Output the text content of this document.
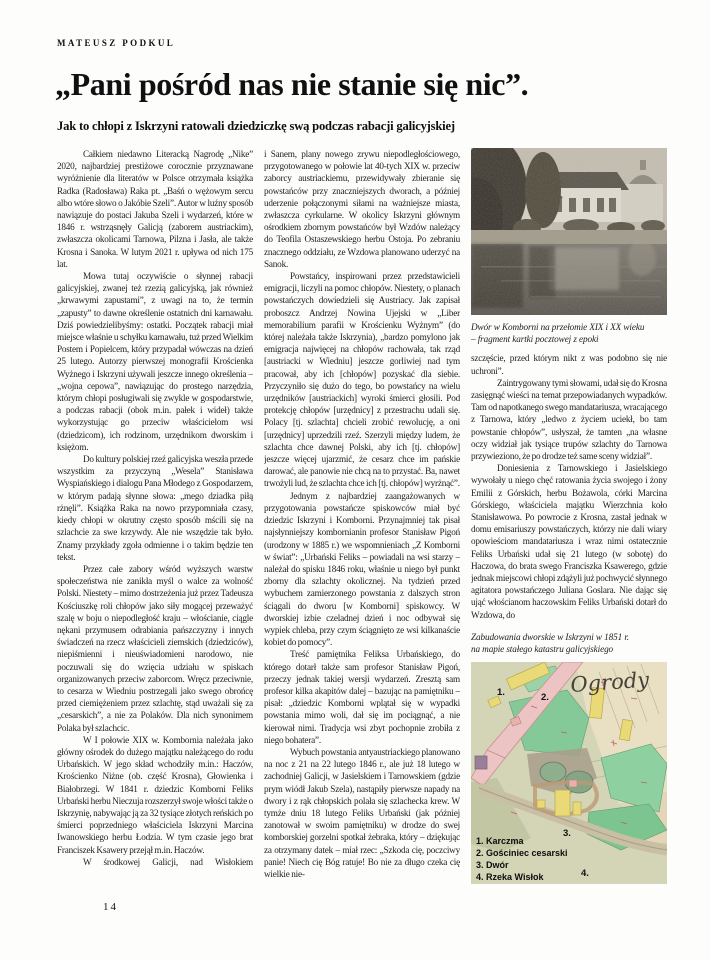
MATEUSZ PODKUL
„Pani pośród nas nie stanie się nic”.
Jak to chłopi z Iskrzyni ratowali dziedziczkę swą podczas rabacji galicyjskiej

Całkiem niedawno Literacką Nagrodę „Nike” 2020, najbardziej prestiżowe corocznie przyznawane wyróżnienie dla literatów w Polsce otrzymała książka Radka (Radosława) Raka pt. „Baśń o wężowym sercu albo wtóre słowo o Jakóbie Szeli”. Autor w luźny sposób nawiązuje do postaci Jakuba Szeli i wydarzeń, które w 1846 r. wstrząsnęły Galicją (zaborem austriackim), zwłaszcza okolicami Tarnowa, Pilzna i Jasła, ale także Krosna i Sanoka. W lutym 2021 r. upływa od nich 175 lat.

Mowa tutaj oczywiście o słynnej rabacji galicyjskiej, zwanej też rzezią galicyjską, jak również „krwawymi zapustami”, z uwagi na to, że termin „zapusty” to dawne określenie ostatnich dni karnawału. Dziś powiedzielibyśmy: ostatki. Początek rabacji miał miejsce właśnie u schyłku karnawału, tuż przed Wielkim Postem i Popielcem, który przypadał wówczas na dzień 25 lutego. Autorzy pierwszej monografii Krościenka Wyżnego i Iskrzyni używali jeszcze innego określenia – „wojna cepowa”, nawiązując do prostego narzędzia, którym chłopi posługiwali się zwykle w gospodarstwie, a podczas rabacji (obok m.in. pałek i wideł) także wykorzystując go przeciw właścicielom wsi (dziedzicom), ich rodzinom, urzędnikom dworskim i księżom.

Do kultury polskiej rzeź galicyjska weszła przede wszystkim za przyczyną „Wesela” Stanisława Wyspiańskiego i dialogu Pana Młodego z Gospodarzem, w którym padają słynne słowa: „mego dziadka piłą rżnęli”. Książka Raka na nowo przypomniała czasy, kiedy chłopi w okrutny często sposób mścili się na szlachcie za swe krzywdy. Ale nie wszędzie tak było. Znamy przykłady zgoła odmienne i o takim będzie ten tekst.

Przez całe zabory wśród wyższych warstw społeczeństwa nie zanikła myśl o walce za wolność Polski. Niestety – mimo dostrzeżenia już przez Tadeusza Kościuszkę roli chłopów jako siły mogącej przeważyć szalę w boju o niepodległość kraju – włościanie, ciągle nękani przymusem odrabiania pańszczyzny i innych świadczeń na rzecz właścicieli ziemskich (dziedziców), niepiśmienni i nieuświadomieni narodowo, nie poczuwali się do wzięcia udziału w spiskach organizowanych przeciw zaborcom. Wręcz przeciwnie, to cesarza w Wiedniu postrzegali jako swego obrońcę przed ciemiężeniem przez szlachtę, stąd uważali się za „cesarskich”, a nie za Polaków. Dla nich synonimem Polaka był szlachcic.

W I połowie XIX w. Kombornia należała jako główny ośrodek do dużego majątku należącego do rodu Urbańskich. W jego skład wchodziły m.in.: Haczów, Krościenko Niżne (ob. część Krosna), Głowienka i Białobrzegi. W 1841 r. dziedzic Komborni Feliks Urbański herbu Nieczuja rozszerzył swoje włości także o Iskrzynię, nabywając ją za 32 tysiące złotych reńskich po śmierci poprzedniego właściciela Iskrzyni Marcina Iwanowskiego herbu Łodzia. W tym czasie jego brat Franciszek Ksawery przejął m.in. Haczów.

W środkowej Galicji, nad Wisłokiem

i Sanem, plany nowego zrywu niepodległościowego, przygotowanego w połowie lat 40-tych XIX w. przeciw zaborcy austriackiemu, przewidywały zbieranie się powstańców przy znaczniejszych dworach, a później uderzenie połączonymi siłami na ważniejsze miasta, zwłaszcza cyrkularne. W okolicy Iskrzyni głównym ośrodkiem zbornym powstańców był Wzdów należący do Teofila Ostaszewskiego herbu Ostoja. Po zebraniu znacznego oddziału, ze Wzdowa planowano uderzyć na Sanok.

Powstańcy, inspirowani przez przedstawicieli emigracji, liczyli na pomoc chłopów. Niestety, o planach powstańczych dowiedzieli się Austriacy. Jak zapisał proboszcz Andrzej Nowina Ujejski w „Liber memorabilium parafii w Krościenku Wyżnym” (do której należała także Iskrzynia), „bardzo pomylono jak emigracja najwięcej na chłopów rachowała, tak rząd [austriacki w Wiedniu] jeszcze gorliwiej nad tym pracował, aby ich [chłopów] pozyskać dla siebie. Przyczyniło się dużo do tego, bo powstańcy na wielu urzędników [austriackich] wyroki śmierci głosili. Pod protekcję chłopów [urzędnicy] z przestrachu udali się. Polacy [tj. szlachta] chcieli zrobić rewolucję, a oni [urzędnicy] uprzedzili rzeź. Szerzyli między ludem, że szlachta chce dawnej Polski, aby ich [tj. chłopów] jeszcze więcej ujarzmić, że cesarz chce im pańskie darować, ale panowie nie chcą na to przystać. Ba, nawet trwożyli lud, że szlachta chce ich [tj. chłopów] wyrżnąć”.

Jednym z najbardziej zaangażowanych w przygotowania powstańcze spiskowców miał być dziedzic Iskrzyni i Komborni. Przynajmniej tak pisał najsłynniejszy kombornianin profesor Stanisław Pigoń (urodzony w 1885 r.) we wspomnieniach „Z Komborni w świat”: „Urbański Feliks – powiadali na wsi starzy – należał do spisku 1846 roku, właśnie u niego był punkt zborny dla szlachty okolicznej. Na tydzień przed wybuchem zamierzonego powstania z dalszych stron ściągali do dworu [w Komborni] spiskowcy. W dworskiej izbie czeladnej dzień i noc odbywał się wypiek chleba, przy czym ściągnięto ze wsi kilkanaście kobiet do pomocy”.

Treść pamiętnika Feliksa Urbańskiego, do którego dotarł także sam profesor Stanisław Pigoń, przeczy jednak takiej wersji wydarzeń. Zresztą sam profesor kilka akapitów dalej – bazując na pamiętniku – pisał: „dziedzic Komborni wplątał się w wypadki powstania mimo woli, dał się im pociągnąć, a nie kierował nimi. Tradycja wsi zbyt pochopnie zrobiła z niego bohatera”.

Wybuch powstania antyaustriackiego planowano na noc z 21 na 22 lutego 1846 r., ale już 18 lutego w zachodniej Galicji, w Jasielskiem i Tarnowskiem (gdzie prym wiódł Jakub Szela), nastąpiły pierwsze napady na dwory i z rąk chłopskich polała się szlachecka krew. W tymże dniu 18 lutego Feliks Urbański (jak później zanotował w swoim pamiętniku) w drodze do swej komborskiej gorzelni spotkał żebraka, który – dziękując za otrzymany datek – miał rzec: „Szkoda cię, poczciwy panie! Niech cię Bóg ratuje! Bo nie za długo czeka cię wielkie nie-

Dwór w Komborni na przełomie XIX i XX wieku
– fragment kartki pocztowej z epoki

szczęście, przed którym nikt z was podobno się nie uchroni”.

Zaintrygowany tymi słowami, udał się do Krosna zasięgnąć wieści na temat przepowiadanych wypadków. Tam od napotkanego swego mandatariusza, wracającego z Tarnowa, który „ledwo z życiem uciekł, bo tam powstanie chłopów”, usłyszał, że tamten „na własne oczy widział jak tysiące trupów szlachty do Tarnowa przywieziono, że po drodze też same sceny widział”.

Doniesienia z Tarnowskiego i Jasielskiego wywołały u niego chęć ratowania życia swojego i żony Emilii z Górskich, herbu Bożawola, córki Marcina Górskiego, właściciela majątku Wierzchnia koło Stanisławowa. Po powrocie z Krosna, zastał jednak w domu emisariuszy powstańczych, którzy nie dali wiary opowieściom mandatariusza i wraz nimi ostatecznie Feliks Urbański udał się 21 lutego (w sobotę) do Haczowa, do brata swego Franciszka Ksawerego, gdzie jednak miejscowi chłopi zdążyli już pochwycić słynnego agitatora powstańczego Juliana Goslara. Nie dając się ująć włościanom haczowskim Feliks Urbański dotarł do Wzdowa, do

Zabudowania dworskie w Iskrzyni w 1851 r.
na mapie stałego katastru galicyjskiego
Ogrody
1.	2.
3.
4.
1. Karczma
2. Gościniec cesarski
3. Dwór
4. Rzeka Wisłok
14
